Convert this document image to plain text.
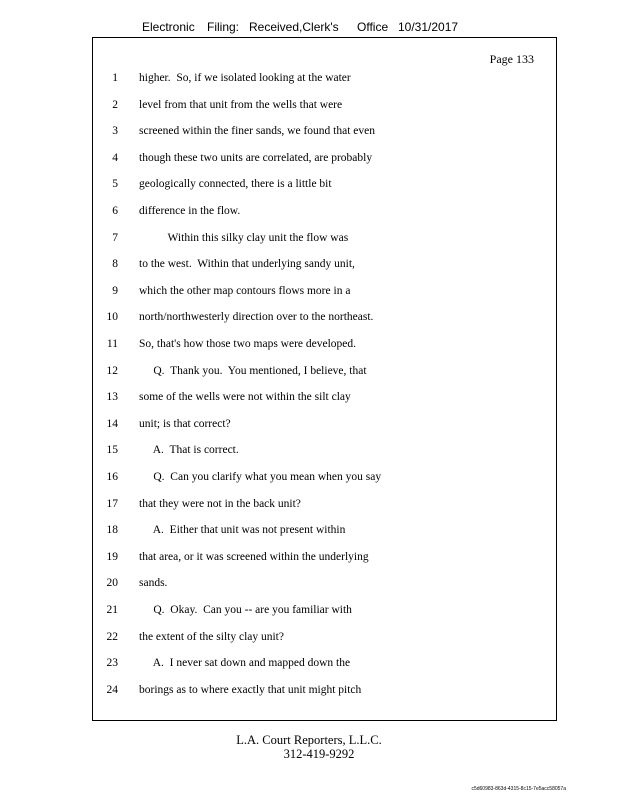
Electronic Filing: Received,Clerk's Office 10/31/2017
Page 133
1 higher.  So, if we isolated looking at the water
2 level from that unit from the wells that were
3 screened within the finer sands, we found that even
4 though these two units are correlated, are probably
5 geologically connected, there is a little bit
6 difference in the flow.
7 Within this silky clay unit the flow was
8 to the west.  Within that underlying sandy unit,
9 which the other map contours flows more in a
10 north/northwesterly direction over to the northeast.
11 So, that's how those two maps were developed.
12 Q.  Thank you.  You mentioned, I believe, that
13 some of the wells were not within the silt clay
14 unit; is that correct?
15 A.  That is correct.
16 Q.  Can you clarify what you mean when you say
17 that they were not in the back unit?
18 A.  Either that unit was not present within
19 that area, or it was screened within the underlying
20 sands.
21 Q.  Okay.  Can you -- are you familiar with
22 the extent of the silty clay unit?
23 A.  I never sat down and mapped down the
24 borings as to where exactly that unit might pitch
L.A. Court Reporters, L.L.C.
312-419-9292
c5d60983-863d-4315-8c15-7e5acc58057a
